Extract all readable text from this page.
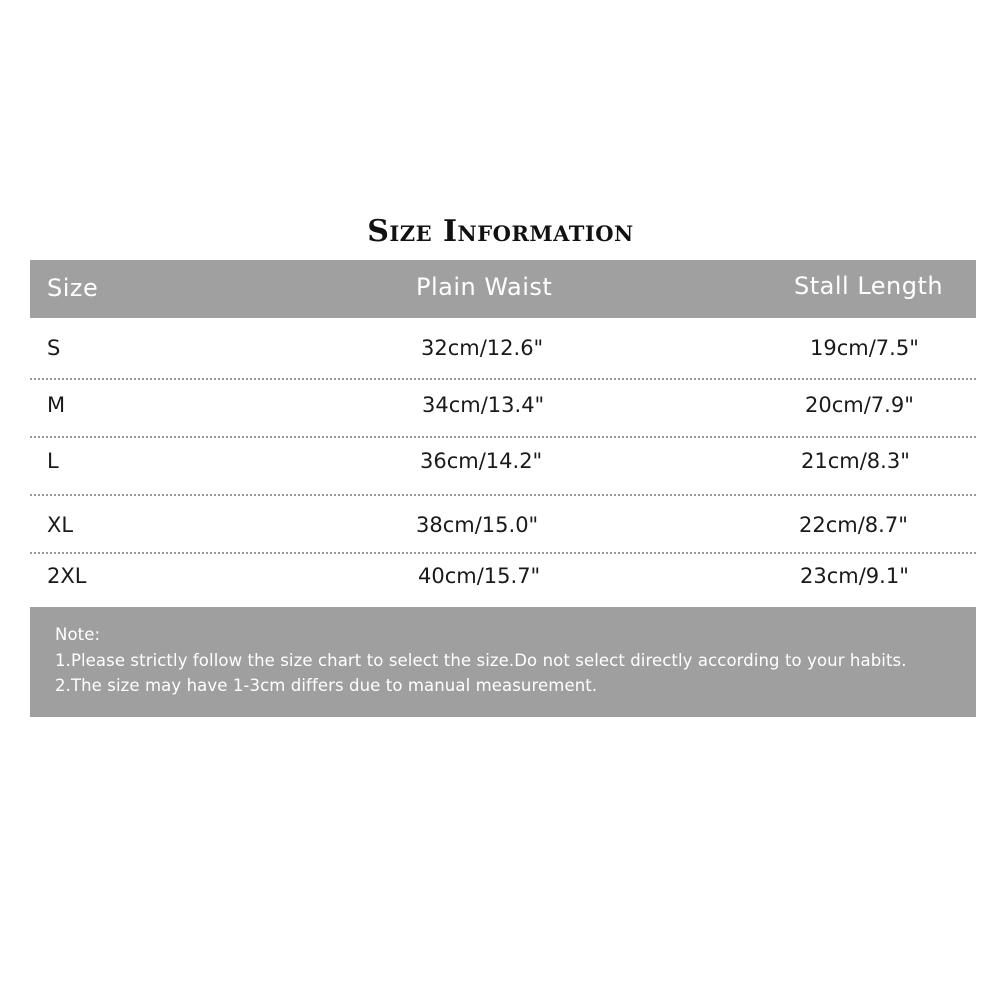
Size Information
Size	Plain Waist	Stall Length
S	32cm/12.6"	19cm/7.5"
M	34cm/13.4"	20cm/7.9"
L	36cm/14.2"	21cm/8.3"
XL	38cm/15.0"	22cm/8.7"
2XL	40cm/15.7"	23cm/9.1"
Note:
1.Please strictly follow the size chart to select the size.Do not select directly according to your habits.
2.The size may have 1-3cm differs due to manual measurement.
